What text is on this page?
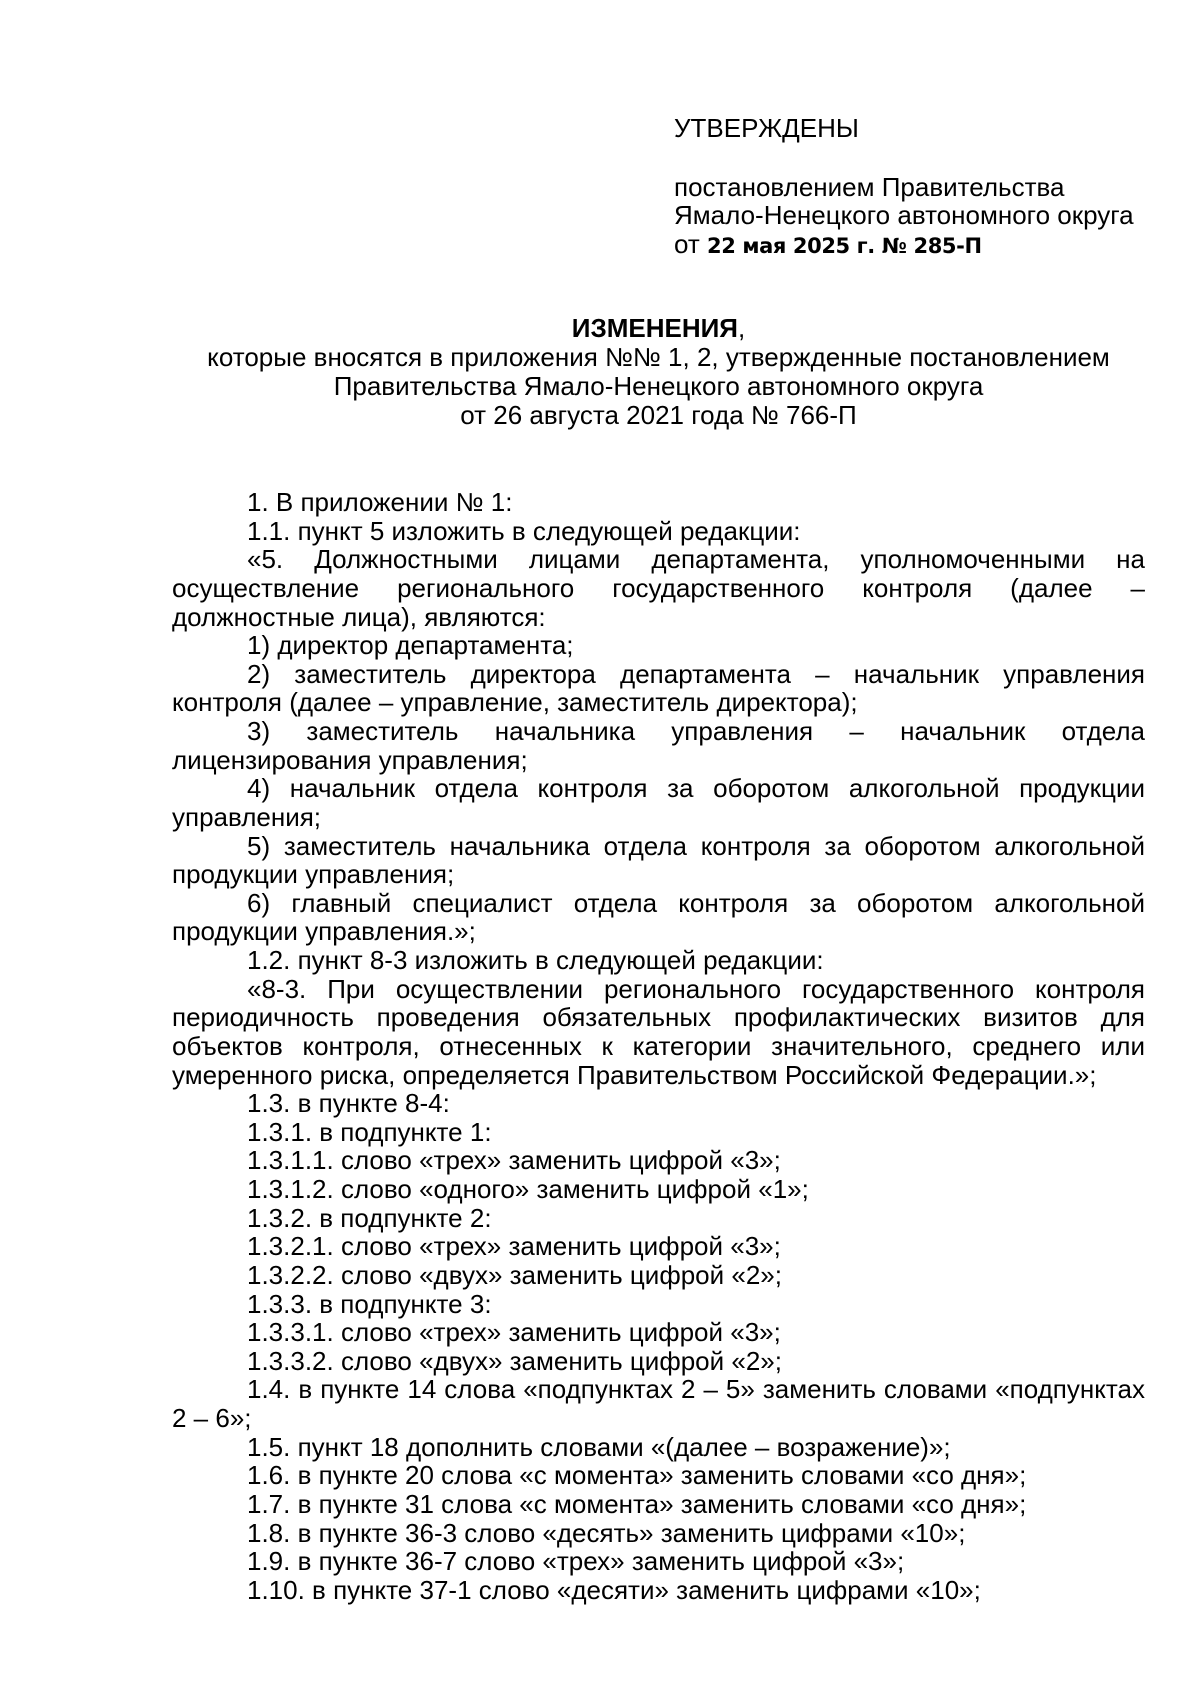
УТВЕРЖДЕНЫ
постановлением Правительства
Ямало-Ненецкого автономного округа
от 22 мая 2025 г. № 285-П
ИЗМЕНЕНИЯ,
которые вносятся в приложения №№ 1, 2, утвержденные постановлением
Правительства Ямало-Ненецкого автономного округа
от 26 августа 2021 года № 766-П
1. В приложении № 1:
1.1. пункт 5 изложить в следующей редакции:
«5. Должностными лицами департамента, уполномоченными на
осуществление регионального государственного контроля (далее –
должностные лица), являются:
1) директор департамента;
2) заместитель директора департамента – начальник управления
контроля (далее – управление, заместитель директора);
3) заместитель начальника управления – начальник отдела
лицензирования управления;
4) начальник отдела контроля за оборотом алкогольной продукции
управления;
5) заместитель начальника отдела контроля за оборотом алкогольной
продукции управления;
6) главный специалист отдела контроля за оборотом алкогольной
продукции управления.»;
1.2. пункт 8-3 изложить в следующей редакции:
«8-3. При осуществлении регионального государственного контроля
периодичность проведения обязательных профилактических визитов для
объектов контроля, отнесенных к категории значительного, среднего или
умеренного риска, определяется Правительством Российской Федерации.»;
1.3. в пункте 8-4:
1.3.1. в подпункте 1:
1.3.1.1. слово «трех» заменить цифрой «3»;
1.3.1.2. слово «одного» заменить цифрой «1»;
1.3.2. в подпункте 2:
1.3.2.1. слово «трех» заменить цифрой «3»;
1.3.2.2. слово «двух» заменить цифрой «2»;
1.3.3. в подпункте 3:
1.3.3.1. слово «трех» заменить цифрой «3»;
1.3.3.2. слово «двух» заменить цифрой «2»;
1.4. в пункте 14 слова «подпунктах 2 – 5» заменить словами «подпунктах
2 – 6»;
1.5. пункт 18 дополнить словами «(далее – возражение)»;
1.6. в пункте 20 слова «с момента» заменить словами «со дня»;
1.7. в пункте 31 слова «с момента» заменить словами «со дня»;
1.8. в пункте 36-3 слово «десять» заменить цифрами «10»;
1.9. в пункте 36-7 слово «трех» заменить цифрой «3»;
1.10. в пункте 37-1 слово «десяти» заменить цифрами «10»;
